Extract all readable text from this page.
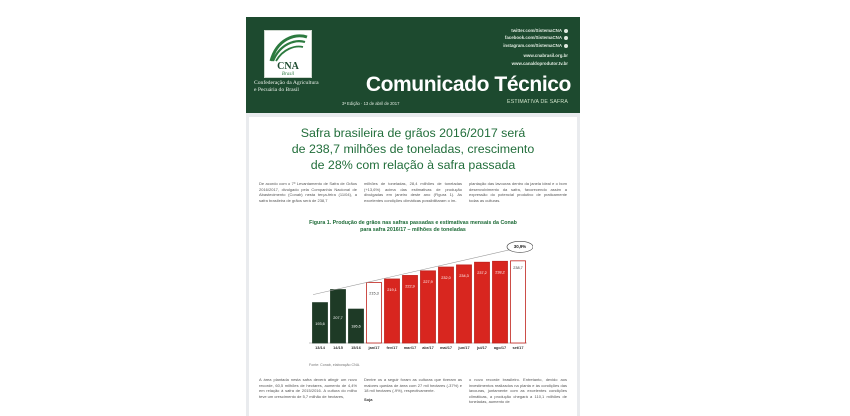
CNA
Brasil
Confederação da Agricultura
e Pecuária do Brasil
twitter.com/SistemaCNA
facebook.com/SistemaCNA
instagram.com/SistemaCNA
www.cnabrasil.org.br
www.canaldoprodutor.tv.br
Comunicado Técnico
3ª Edição · 13 de abril de 2017	ESTIMATIVA DE SAFRA
Safra brasileira de grãos 2016/2017 será
de 238,7 milhões de toneladas, crescimento
de 28% com relação à safra passada
De acordo com o 7º Levantamento de Safra de Grãos 2016/2017, divulgado pela Companhia Nacional de Abastecimento (Conab) nesta terça-feira (11/04), a safra brasileira de grãos será de 238,7
milhões de toneladas, 28,4 milhões de toneladas (+13,6%) acima das estimativas de produção divulgadas em janeiro deste ano (Figura 1). As excelentes condições climáticas possibilitaram o im-
plantação das lavouras dentro da janela ideal e o bom desenvolvimento da safra, favorecendo assim a expressão do potencial produtivo de praticamente todas as culturas.
Figura 1. Produção de grãos nas safras passadas e estimativas mensais da Conab
para safra 2016/17 – milhões de toneladas
193,6
13/14
207,7
14/15
186,6
15/16
215,3
jan/17
219,1
fev/17
222,9
mar/17
227,9
abr/17
232,0
mai/17
234,3
jun/17
237,2
jul/17
238,2
ago/17
238,7
set/17
30,9%
Fonte: Conab, elaboração CNA.
A área plantada nesta safra deverá atingir um novo recorde, 60,5 milhões de hectares, aumento de 4,4% em relação à safra de 2015/2016. A cultura do milho teve um crescimento de 5,7 milhão de hectares,
Dentre os a seguir foram as culturas que tiveram as maiores quedas de área com 27 mil hectares (-37%) e 18 mil hectares (-9%), respectivamente.
Soja
o novo recorde brasileiro. Entretanto, devido aos investimentos realizados na planta e às condições das lavouras, juntamente com as excelentes condições climáticas, a produção chegará a 110,1 milhões de toneladas, aumento de
